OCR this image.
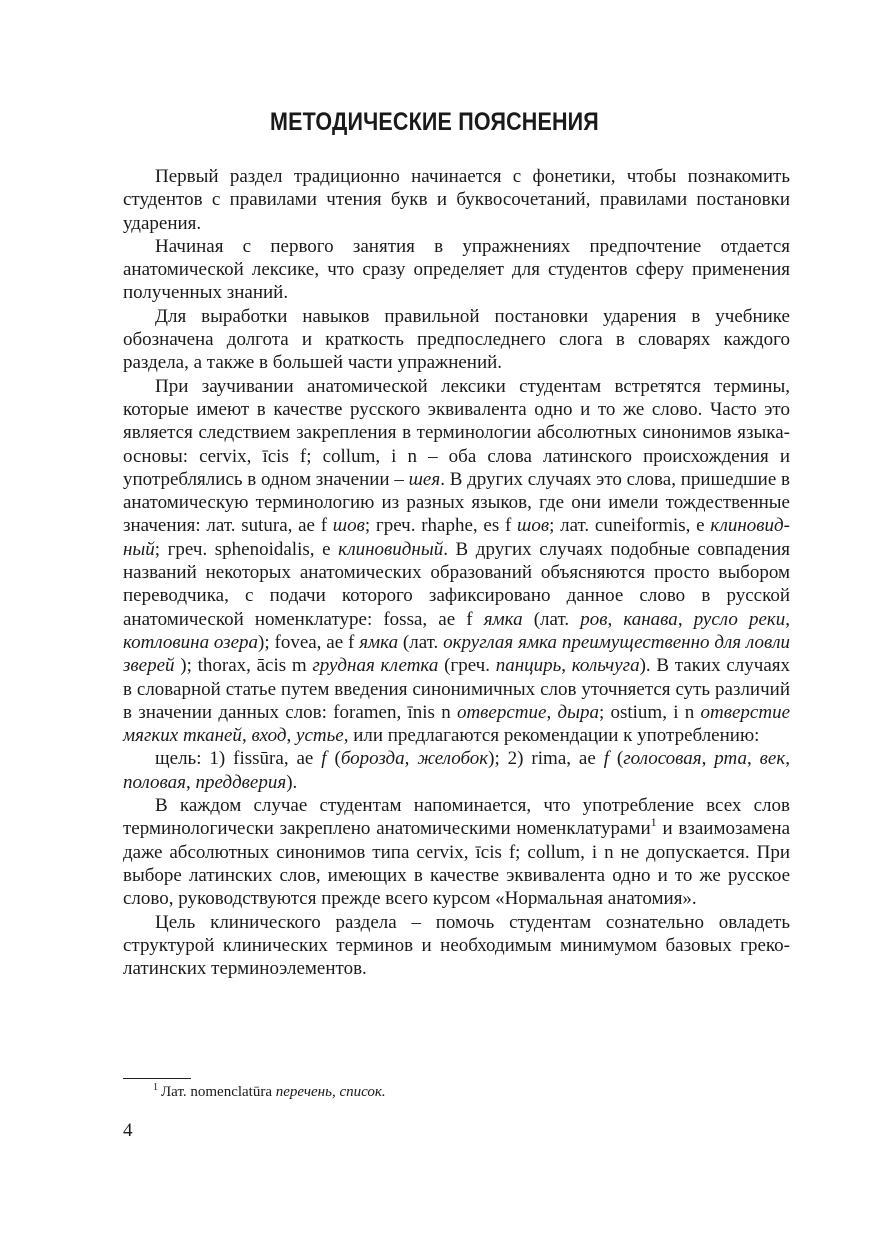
МЕТОДИЧЕСКИЕ ПОЯСНЕНИЯ

Первый раздел традиционно начинается с фонетики, чтобы познакомить студентов с правилами чтения букв и буквосочетаний, правилами постановки ударения.

Начиная с первого занятия в упражнениях предпочтение отдается анатомической лексике, что сразу определяет для студентов сферу применения полученных знаний.

Для выработки навыков правильной постановки ударения в учебнике обозначена долгота и краткость предпоследнего слога в словарях каждого раздела, а также в большей части упражнений.

При заучивании анатомической лексики студентам встретятся термины, которые имеют в качестве русского эквивалента одно и то же слово. Часто это является следствием закрепления в терминологии абсолютных синонимов языка-основы: cervix, īcis f; collum, i n – оба слова латинского происхождения и употреблялись в одном значении – шея. В других случаях это слова, пришедшие в анатомическую терминологию из разных языков, где они имели тождественные значения: лат. sutura, ae f шов; греч. rhaphe, es f шов; лат. cuneiformis, e клиновидный; греч. sphenoidalis, e клиновидный. В других случаях подобные совпадения названий некоторых анатомических образований объясняются просто выбором переводчика, с подачи которого зафиксировано данное слово в русской анатомической номенклатуре: fossa, ae f ямка (лат. ров, канава, русло реки, котловина озера); fovea, ae f ямка (лат. округлая ямка преимущественно для ловли зверей ); thorax, ācis m грудная клетка (греч. панцирь, кольчуга). В таких случаях в словарной статье путем введения синонимичных слов уточняется суть различий в значении данных слов: foramen, īnis n отверстие, дыра; ostium, i n отверстие мягких тканей, вход, устье, или предлагаются рекомендации к употреблению:

щель: 1) fissūra, ae f (борозда, желобок); 2) rima, ae f (голосовая, рта, век, половая, преддверия).

В каждом случае студентам напоминается, что употребление всех слов терминологически закреплено анатомическими номенклатурами$^1$ и взаимозамена даже абсолютных синонимов типа cervix, īcis f; collum, i n не допускается. При выборе латинских слов, имеющих в качестве эквивалента одно и то же русское слово, руководствуются прежде всего курсом «Нормальная анатомия».

Цель клинического раздела – помочь студентам сознательно овладеть структурой клинических терминов и необходимым минимумом базовых греко-латинских терминоэлементов.

$^1$ Лат. nomenclatūra перечень, список.
4
